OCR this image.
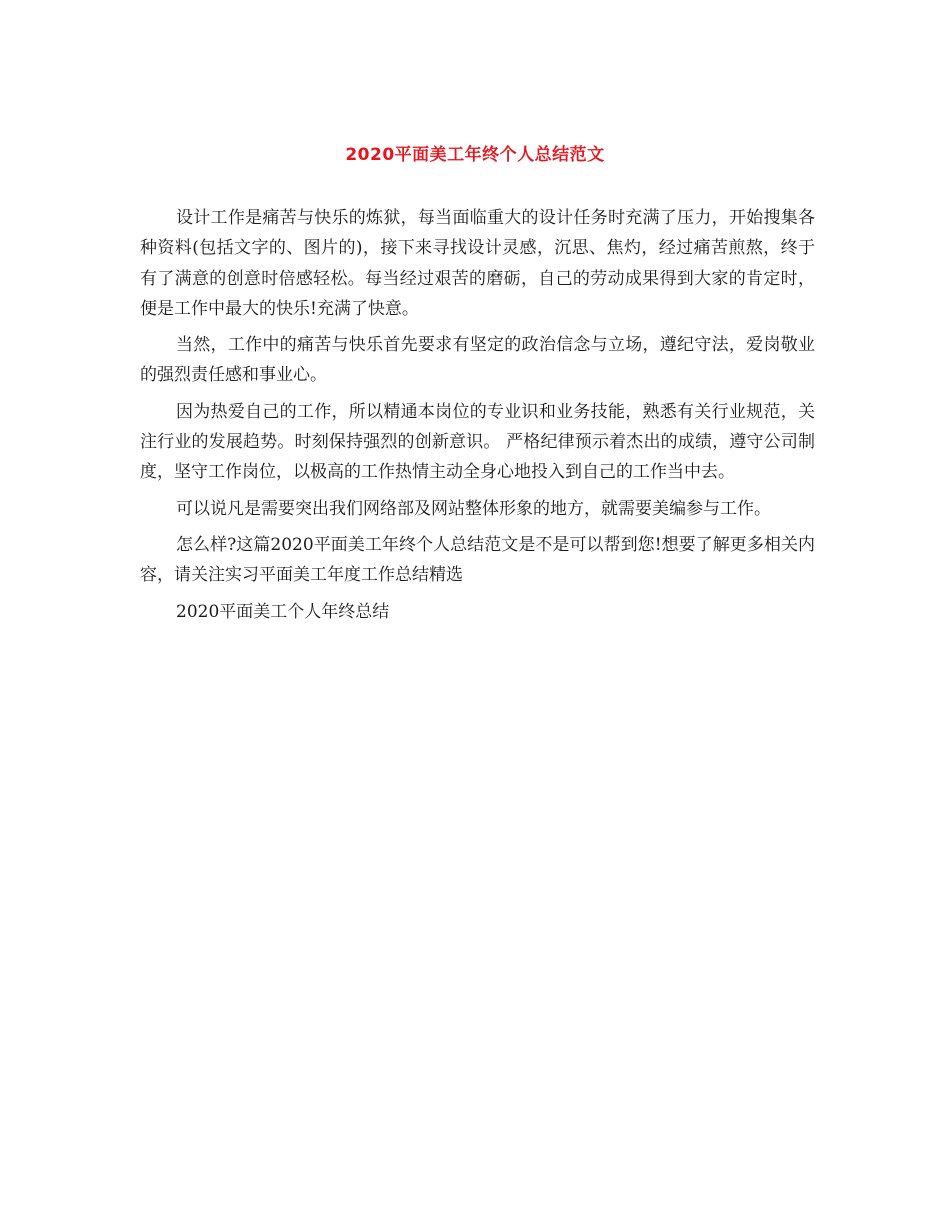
2020平面美工年终个人总结范文

设计工作是痛苦与快乐的炼狱，每当面临重大的设计任务时充满了压力，开始搜集各种资料(包括文字的、图片的)，接下来寻找设计灵感，沉思、焦灼，经过痛苦煎熬，终于有了满意的创意时倍感轻松。每当经过艰苦的磨砺，自己的劳动成果得到大家的肯定时，便是工作中最大的快乐!充满了快意。

当然，工作中的痛苦与快乐首先要求有坚定的政治信念与立场，遵纪守法，爱岗敬业的强烈责任感和事业心。

因为热爱自己的工作，所以精通本岗位的专业识和业务技能，熟悉有关行业规范，关注行业的发展趋势。时刻保持强烈的创新意识。 严格纪律预示着杰出的成绩，遵守公司制度，坚守工作岗位，以极高的工作热情主动全身心地投入到自己的工作当中去。

可以说凡是需要突出我们网络部及网站整体形象的地方，就需要美编参与工作。

怎么样?这篇2020平面美工年终个人总结范文是不是可以帮到您!想要了解更多相关内容，请关注实习平面美工年度工作总结精选

2020平面美工个人年终总结
